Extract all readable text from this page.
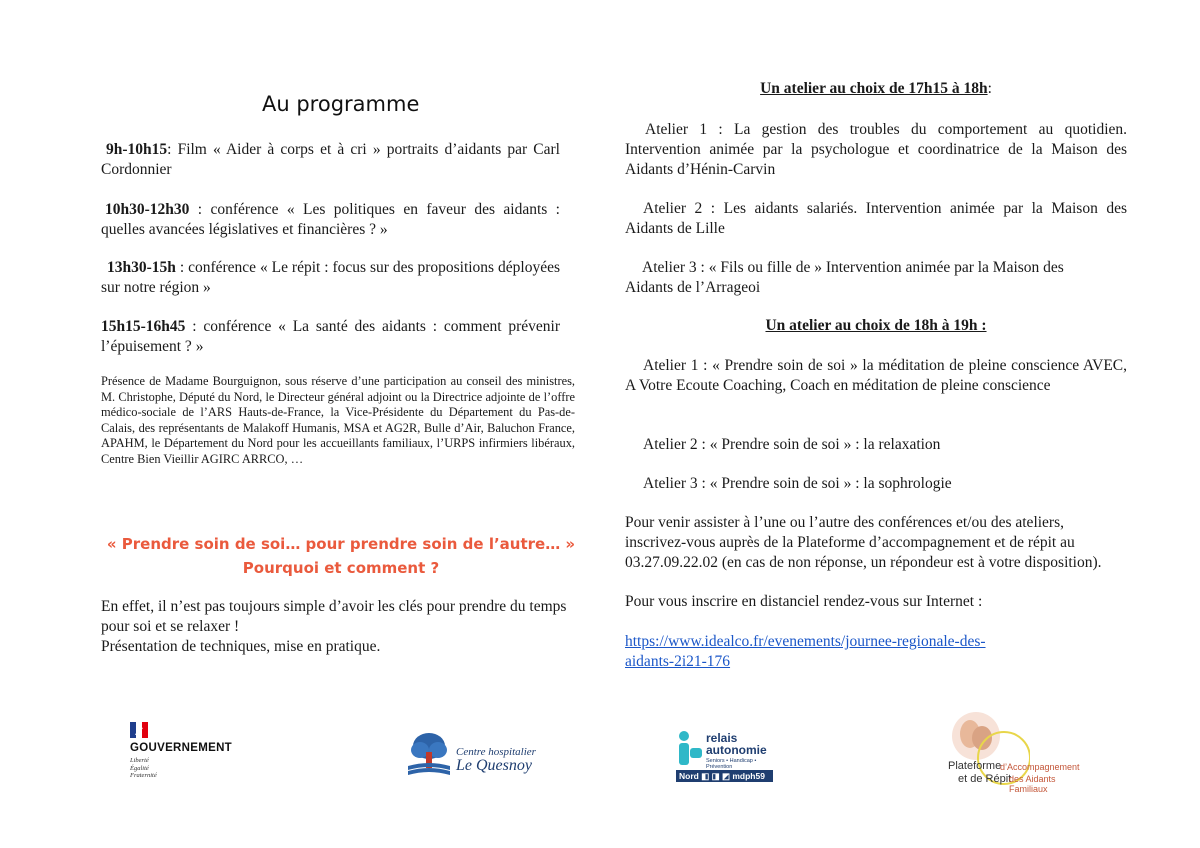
Au programme
9h-10h15: Film « Aider à corps et à cri » portraits d’aidants par Carl Cordonnier
10h30-12h30 : conférence « Les politiques en faveur des aidants : quelles avancées législatives et financières ? »
13h30-15h : conférence « Le répit : focus sur des propositions déployées sur notre région »
15h15-16h45 : conférence « La santé des aidants : comment prévenir l’épuisement ? »
Présence de Madame Bourguignon, sous réserve d’une participation au conseil des ministres, M. Christophe, Député du Nord, le Directeur général adjoint ou la Directrice adjointe de l’offre médico-sociale de l’ARS Hauts-de-France, la Vice-Présidente du Département du Pas-de-Calais, des représentants de Malakoff Humanis, MSA et AG2R, Bulle d’Air, Baluchon France, APAHM, le Département du Nord pour les accueillants familiaux, l’URPS infirmiers libéraux, Centre Bien Vieillir AGIRC ARRCO, …
« Prendre soin de soi… pour prendre soin de l’autre… »
Pourquoi et comment ?
En effet, il n’est pas toujours simple d’avoir les clés pour prendre du temps pour soi et se relaxer !
Présentation de techniques, mise en pratique.
Un atelier au choix de 17h15 à 18h:
Atelier 1 : La gestion des troubles du comportement au quotidien. Intervention animée par la psychologue et coordinatrice de la Maison des Aidants d’Hénin-Carvin
Atelier 2 : Les aidants salariés. Intervention animée par la Maison des Aidants de Lille
Atelier 3 : « Fils ou fille de » Intervention animée par la Maison des Aidants de l’Arrageoi
Un atelier au choix de 18h à 19h :
Atelier 1 : « Prendre soin de soi » la méditation de pleine conscience AVEC, A Votre Ecoute Coaching, Coach en méditation de pleine conscience
Atelier 2 : « Prendre soin de soi » : la relaxation
Atelier 3 : « Prendre soin de soi » : la sophrologie
Pour venir assister à l’une ou l’autre des conférences et/ou des ateliers, inscrivez-vous auprès de la Plateforme d’accompagnement et de répit au 03.27.09.22.02 (en cas de non réponse, un répondeur est à votre disposition).
Pour vous inscrire en distanciel rendez-vous sur Internet :
https://www.idealco.fr/evenements/journee-regionale-des-
aidants-2i21-176
GOUVERNEMENT
Liberté
Égalité
Fraternité
Centre hospitalier
Le Quesnoy
relais
autonomie
Seniors • Handicap • Prévention
Nord ◧ ◨ ◩ mdph59
Plateforme
d’Accompagnement
et de Répit
des Aidants Familiaux
